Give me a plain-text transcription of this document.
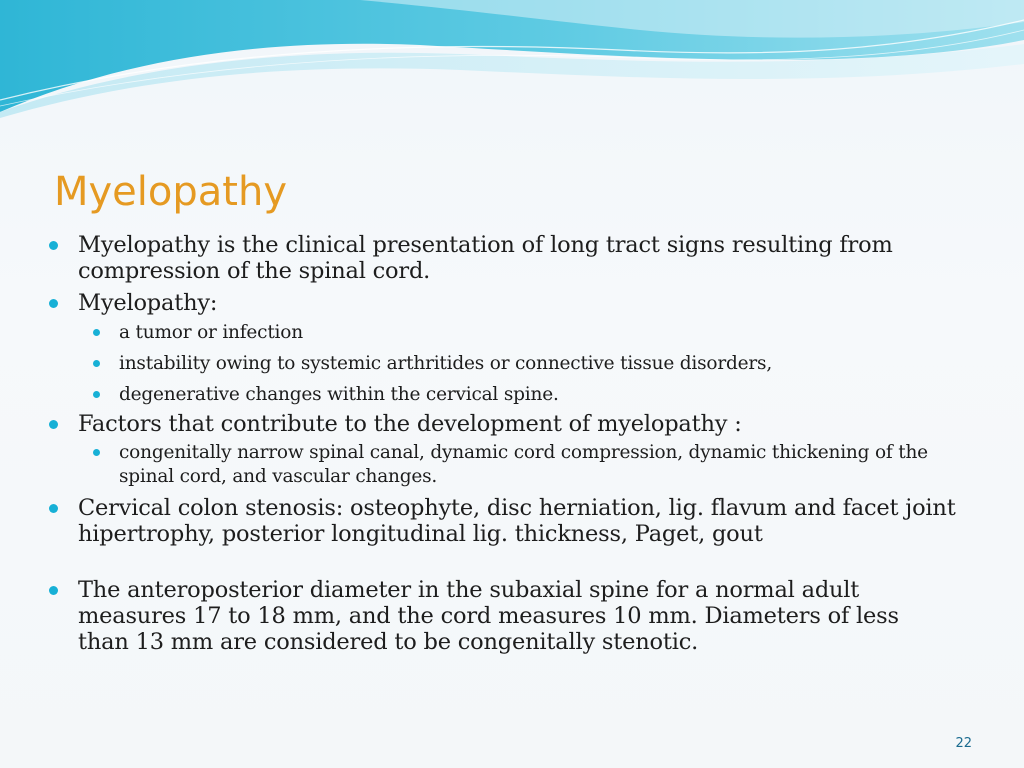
Myelopathy
Myelopathy is the clinical presentation of long tract signs resulting from compression of the spinal cord.
Myelopathy:
a tumor or infection
instability owing to systemic arthritides or connective tissue disorders,
degenerative changes within the cervical spine.
Factors that contribute to the development of myelopathy :
congenitally narrow spinal canal, dynamic cord compression, dynamic thickening of the spinal cord, and vascular changes.
Cervical colon stenosis: osteophyte, disc herniation, lig. flavum and facet joint hipertrophy, posterior longitudinal lig. thickness, Paget, gout
The anteroposterior diameter in the subaxial spine for a normal adult measures 17 to 18 mm, and the cord measures 10 mm. Diameters of less than 13 mm are considered to be congenitally stenotic.
22
